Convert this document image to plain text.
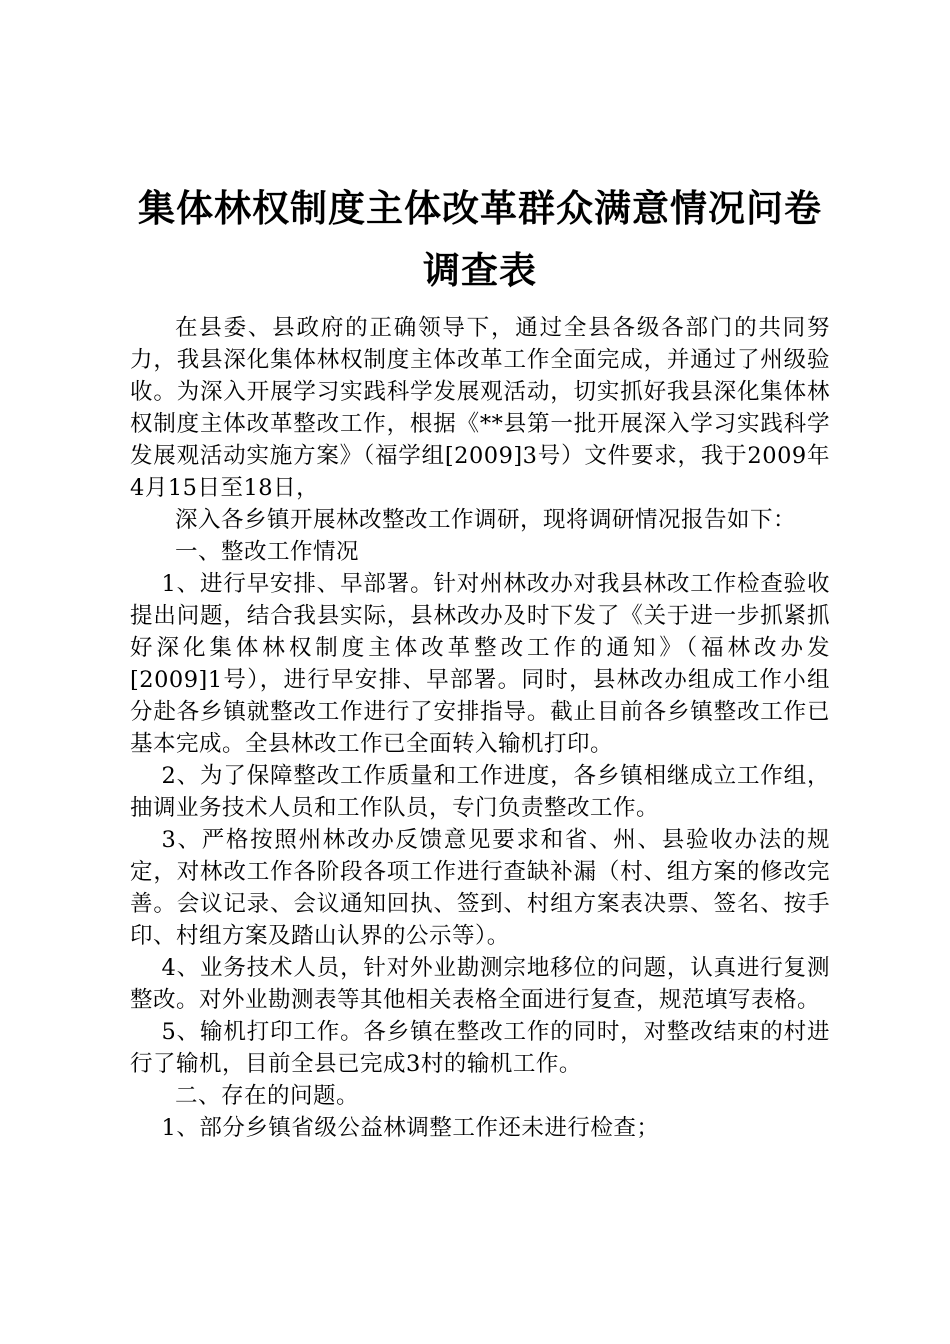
集体林权制度主体改革群众满意情况问卷调查表

在县委、县政府的正确领导下，通过全县各级各部门的共同努力，我县深化集体林权制度主体改革工作全面完成，并通过了州级验收。为深入开展学习实践科学发展观活动，切实抓好我县深化集体林权制度主体改革整改工作，根据《**县第一批开展深入学习实践科学发展观活动实施方案》（福学组[2009]3号）文件要求，我于2009年4月15日至18日，

深入各乡镇开展林改整改工作调研，现将调研情况报告如下：

一、整改工作情况

1、进行早安排、早部署。针对州林改办对我县林改工作检查验收提出问题，结合我县实际，县林改办及时下发了《关于进一步抓紧抓好深化集体林权制度主体改革整改工作的通知》（福林改办发[2009]1号），进行早安排、早部署。同时，县林改办组成工作小组分赴各乡镇就整改工作进行了安排指导。截止目前各乡镇整改工作已基本完成。全县林改工作已全面转入输机打印。

2、为了保障整改工作质量和工作进度，各乡镇相继成立工作组，抽调业务技术人员和工作队员，专门负责整改工作。

3、严格按照州林改办反馈意见要求和省、州、县验收办法的规定，对林改工作各阶段各项工作进行查缺补漏（村、组方案的修改完善。会议记录、会议通知回执、签到、村组方案表决票、签名、按手印、村组方案及踏山认界的公示等）。

4、业务技术人员，针对外业勘测宗地移位的问题，认真进行复测整改。对外业勘测表等其他相关表格全面进行复查，规范填写表格。

5、输机打印工作。各乡镇在整改工作的同时，对整改结束的村进行了输机，目前全县已完成3村的输机工作。

二、存在的问题。

1、部分乡镇省级公益林调整工作还未进行检查；
